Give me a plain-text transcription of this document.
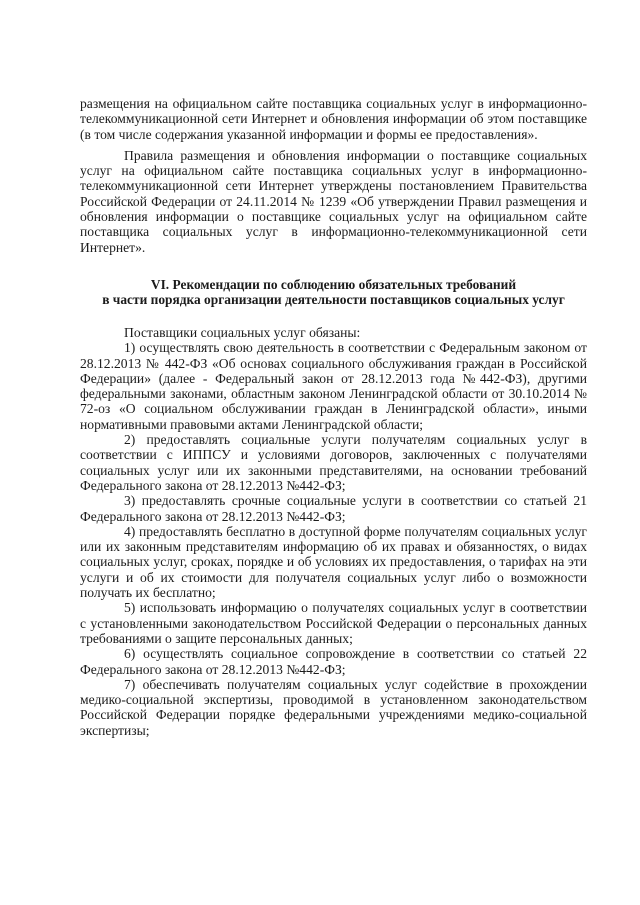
размещения на официальном сайте поставщика социальных услуг в информационно-телекоммуникационной сети Интернет и обновления информации об этом поставщике (в том числе содержания указанной информации и формы ее предоставления».

Правила размещения и обновления информации о поставщике социальных услуг на официальном сайте поставщика социальных услуг в информационно-телекоммуникационной сети Интернет утверждены постановлением Правительства Российской Федерации от 24.11.2014 № 1239 «Об утверждении Правил размещения и обновления информации о поставщике социальных услуг на официальном сайте поставщика социальных услуг в информационно-телекоммуникационной сети Интернет».

VI. Рекомендации по соблюдению обязательных требований
в части порядка организации деятельности поставщиков социальных услуг

Поставщики социальных услуг обязаны:

1) осуществлять свою деятельность в соответствии с Федеральным законом от 28.12.2013 № 442-ФЗ «Об основах социального обслуживания граждан в Российской Федерации» (далее - Федеральный закон от 28.12.2013 года №442-ФЗ), другими федеральными законами, областным законом Ленинградской области от 30.10.2014 № 72-оз «О социальном обслуживании граждан в Ленинградской области», иными нормативными правовыми актами Ленинградской области;

2) предоставлять социальные услуги получателям социальных услуг в соответствии с ИППСУ и условиями договоров, заключенных с получателями социальных услуг или их законными представителями, на основании требований Федерального закона от 28.12.2013 №442-ФЗ;

3) предоставлять срочные социальные услуги в соответствии со статьей 21 Федерального закона от 28.12.2013 №442-ФЗ;

4) предоставлять бесплатно в доступной форме получателям социальных услуг или их законным представителям информацию об их правах и обязанностях, о видах социальных услуг, сроках, порядке и об условиях их предоставления, о тарифах на эти услуги и об их стоимости для получателя социальных услуг либо о возможности получать их бесплатно;

5) использовать информацию о получателях социальных услуг в соответствии с установленными законодательством Российской Федерации о персональных данных требованиями о защите персональных данных;

6) осуществлять социальное сопровождение в соответствии со статьей 22 Федерального закона от 28.12.2013 №442-ФЗ;

7) обеспечивать получателям социальных услуг содействие в прохождении медико-социальной экспертизы, проводимой в установленном законодательством Российской Федерации порядке федеральными учреждениями медико-социальной экспертизы;
